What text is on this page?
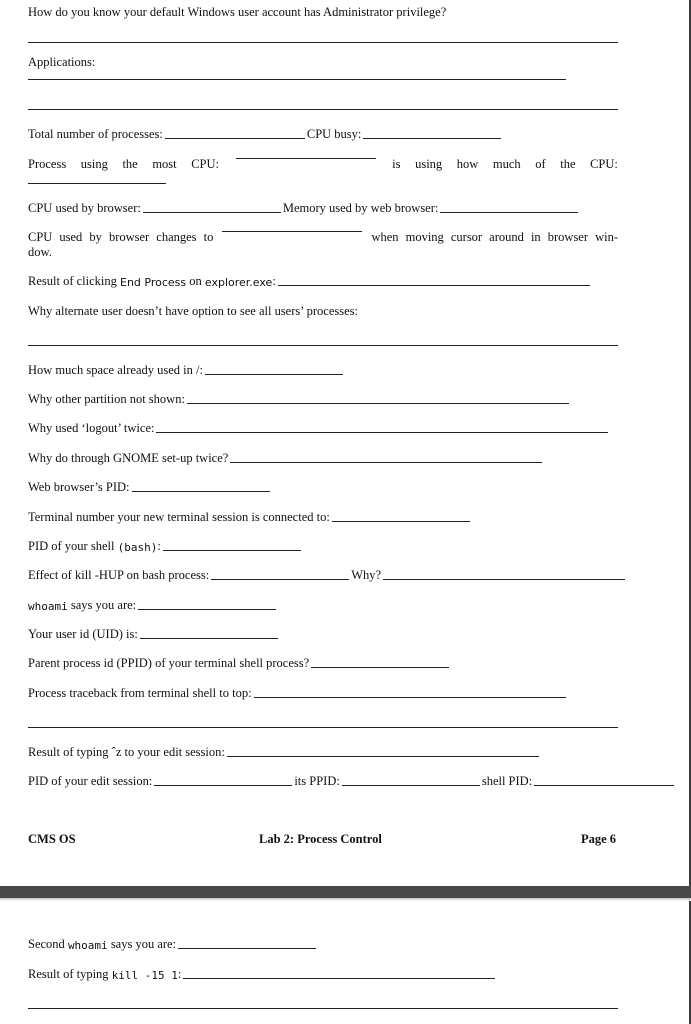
How do you know your default Windows user account has Administrator privilege?
Applications:
Total number of processes:	CPU busy:
Process using the most CPU:	is using how much of the CPU:
CPU used by browser:	Memory used by web browser:
CPU used by browser changes to	when moving cursor around in browser win-
dow.
Result of clicking
End Process
on
explorer.exe :
Why alternate user doesn’t have option to see all users’ processes:
How much space already used in /:
Why other partition not shown:
Why used ‘logout’ twice:
Why do through GNOME set-up twice?
Web browser’s PID:
Terminal number your new terminal session is connected to:
PID of your shell
(bash) :
Effect of kill -HUP on bash process:	Why?
whoami
says you are:
Your user id (UID) is:
Parent process id (PPID) of your terminal shell process?
Process traceback from terminal shell to top:
Result of typing ˆz to your edit session:
PID of your edit session:	its PPID:	shell PID:
CMS OS	Lab 2: Process Control	Page 6
Second
whoami
says you are:
Result of typing
kill -15 1 :
